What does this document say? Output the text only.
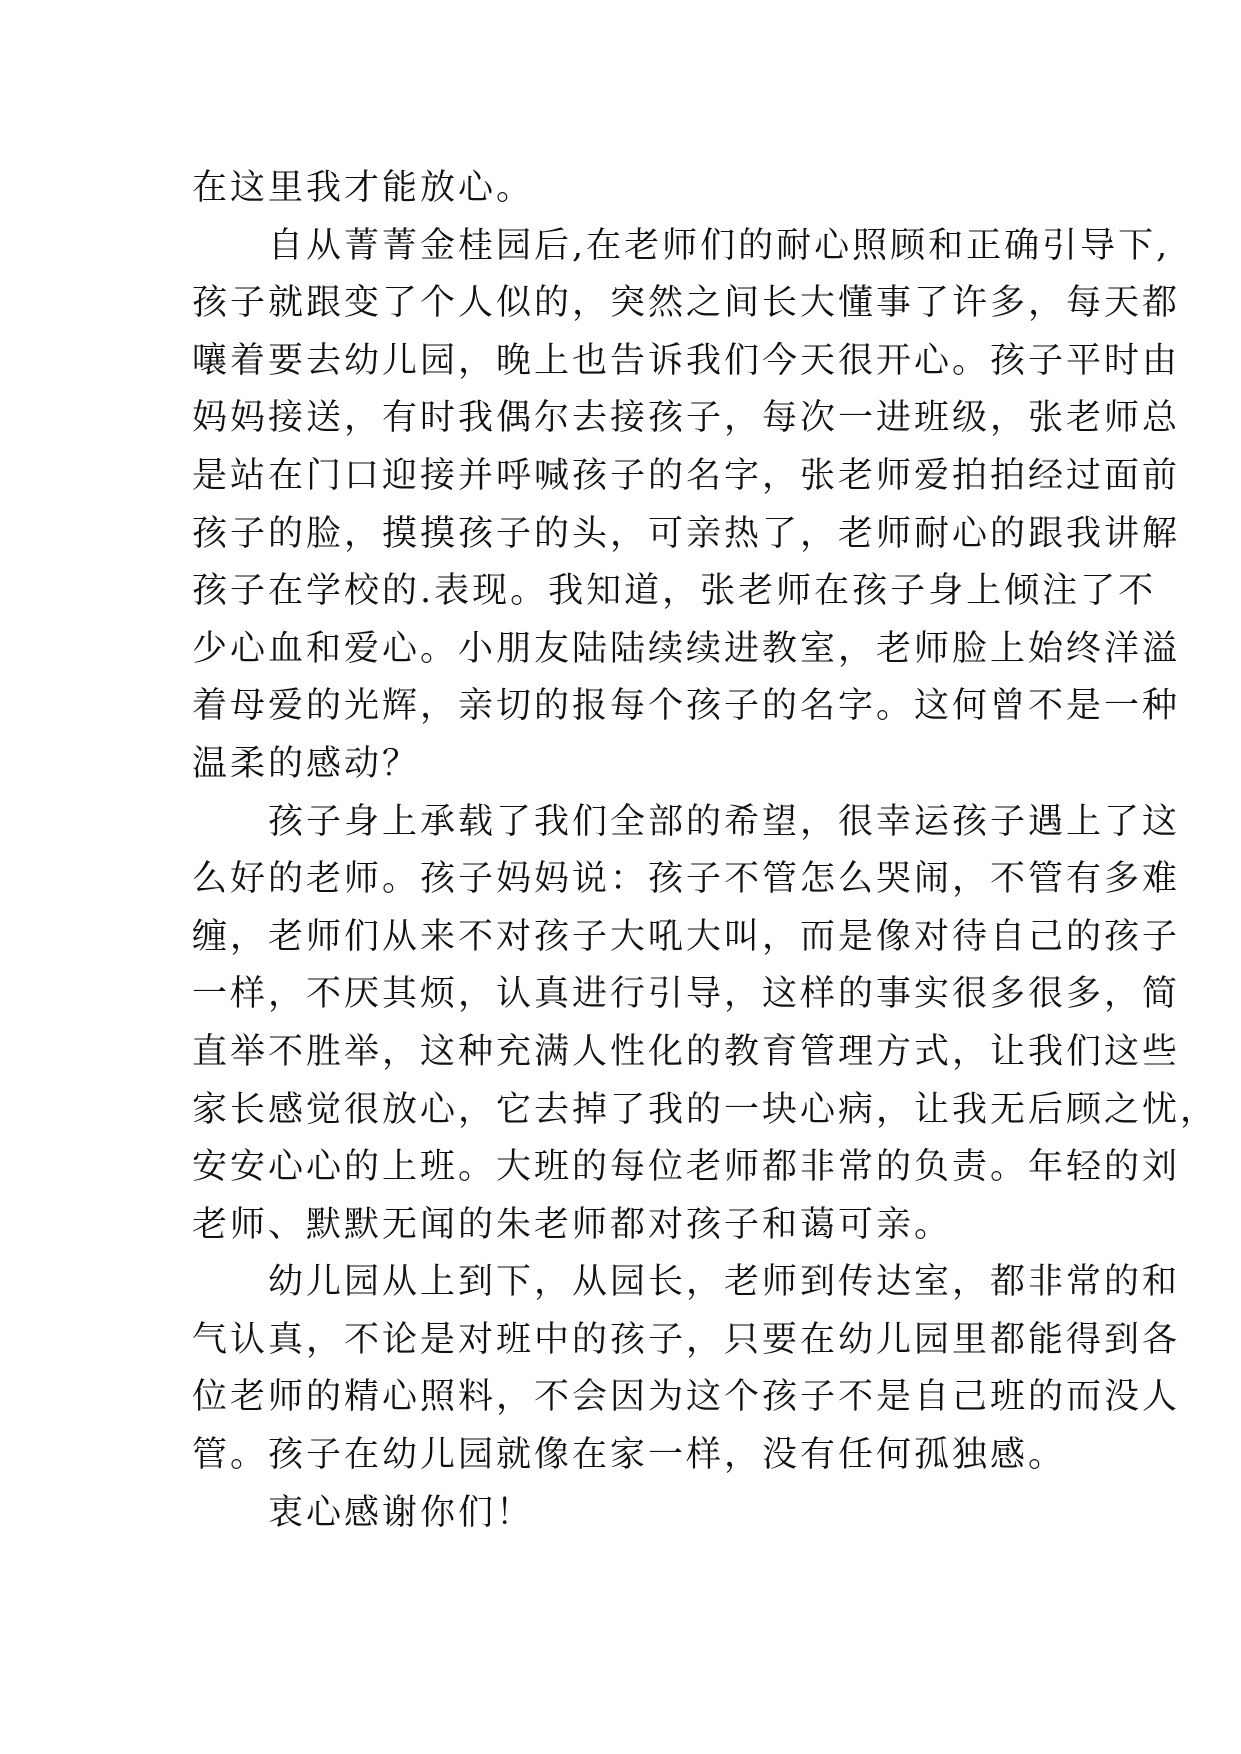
在这里我才能放心。
自从菁菁金桂园后,在老师们的耐心照顾和正确引导下,
孩子就跟变了个人似的，突然之间长大懂事了许多，每天都
嚷着要去幼儿园，晚上也告诉我们今天很开心。孩子平时由
妈妈接送，有时我偶尔去接孩子，每次一进班级，张老师总
是站在门口迎接并呼喊孩子的名字，张老师爱拍拍经过面前
孩子的脸，摸摸孩子的头，可亲热了，老师耐心的跟我讲解
孩子在学校的.表现。我知道，张老师在孩子身上倾注了不
少心血和爱心。小朋友陆陆续续进教室，老师脸上始终洋溢
着母爱的光辉，亲切的报每个孩子的名字。这何曾不是一种
温柔的感动？
孩子身上承载了我们全部的希望，很幸运孩子遇上了这
么好的老师。孩子妈妈说：孩子不管怎么哭闹，不管有多难
缠，老师们从来不对孩子大吼大叫，而是像对待自己的孩子
一样，不厌其烦，认真进行引导，这样的事实很多很多，简
直举不胜举，这种充满人性化的教育管理方式，让我们这些
家长感觉很放心，它去掉了我的一块心病，让我无后顾之忧，
安安心心的上班。大班的每位老师都非常的负责。年轻的刘
老师、默默无闻的朱老师都对孩子和蔼可亲。
幼儿园从上到下，从园长，老师到传达室，都非常的和
气认真，不论是对班中的孩子，只要在幼儿园里都能得到各
位老师的精心照料，不会因为这个孩子不是自己班的而没人
管。孩子在幼儿园就像在家一样，没有任何孤独感。
衷心感谢你们！
